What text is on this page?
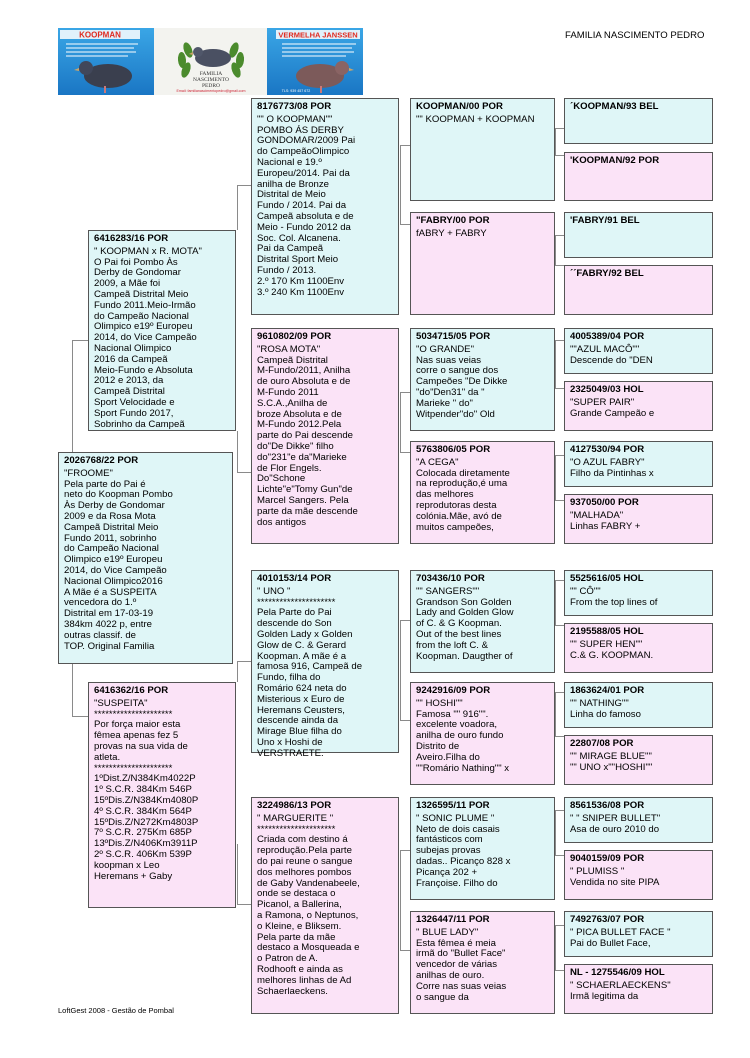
FAMILIA NASCIMENTO PEDRO
KOOPMAN	VERMELHA JANSSEN
FAMILIA
NASCIMENTO
PEDRO
Email: familianascimentopedro@gmail.com	TLS: 939 457 672
2026768/22 POR
"FROOME"
Pela parte do Pai é
neto do Koopman Pombo
Às Derby de Gondomar
2009 e da Rosa Mota
Campeã Distrital Meio
Fundo 2011, sobrinho
do Campeão Nacional
Olimpico e19º Europeu
2014, do Vice Campeão
Nacional Olimpico2016
A Mãe é a SUSPEITA
vencedora do 1.º
Distrital em 17-03-19
384km 4022 p, entre
outras classif. de
TOP. Original Familia
6416283/16 POR
" KOOPMAN x R. MOTA"
O Pai foi Pombo Às
Derby de Gondomar
2009, a Mãe foi
Campeã Distrital Meio
Fundo 2011.Meio-Irmão
do Campeão Nacional
Olimpico e19º Europeu
2014, do Vice Campeão
Nacional Olimpico
2016 da Campeã
Meio-Fundo e Absoluta
2012 e 2013, da
Campeã Distrital
Sport Velocidade e
Sport Fundo 2017,
Sobrinho da Campeã
6416362/16 POR
"SUSPEITA"
*********************
Por força maior esta
fêmea apenas fez 5
provas na sua vida de
atleta.
*********************
1ºDist.Z/N384Km4022P
1º S.C.R. 384Km 546P
15ºDis.Z/N384Km4080P
4º S.C.R. 384Km 564P
15ºDis.Z/N272Km4803P
7º S.C.R. 275Km 685P
13ºDis.Z/N406Km3911P
2º S.C.R. 406Km 539P
koopman x Leo
Heremans + Gaby
8176773/08 POR
"" O KOOPMAN""
POMBO ÁS DERBY
GONDOMAR/2009 Pai
do CampeãoOlimpico
Nacional e 19.º
Europeu/2014. Pai da
anilha de Bronze
Distrital de Meio
Fundo / 2014. Pai da
Campeã absoluta e de
Meio - Fundo 2012 da
Soc. Col. Alcanena.
Pai da Campeã
Distrital Sport Meio
Fundo / 2013.
2.º 170 Km 1100Env
3.º 240 Km 1100Env
9610802/09 POR
"ROSA MOTA"
Campeã Distrital
M-Fundo/2011, Anilha
de ouro Absoluta e de
M-Fundo 2011
S.C.A.,Anilha de
broze Absoluta e de
M-Fundo 2012.Pela
parte do Pai descende
do"De Dikke" filho
do"231"e da"Marieke
de Flor Engels.
Do"Schone
Lichte"e"Tomy Gun"de
Marcel Sangers. Pela
parte da mãe descende
dos antigos
4010153/14 POR
" UNO "
*********************
Pela Parte do Pai
descende do Son
Golden Lady x Golden
Glow de C. & Gerard
Koopman. A mãe é a
famosa 916, Campeã de
Fundo, filha do
Romário 624 neta do
Misterious x Euro de
Heremans Ceusters,
descende ainda da
Mirage Blue filha do
Uno x Hoshi de
VERSTRAETE.
3224986/13 POR
" MARGUERITE "
*********************
Criada com destino á
reprodução.Pela parte
do pai reune o sangue
dos melhores pombos
de Gaby Vandenabeele,
onde se destaca o
Picanol, a Ballerina,
a Ramona, o Neptunos,
o Kleine, e Bliksem.
Pela parte da mãe
destaco a Mosqueada e
o Patron de A.
Rodhooft e ainda as
melhores linhas de Ad
Schaerlaeckens.
KOOPMAN/00 POR
"" KOOPMAN + KOOPMAN
"FABRY/00 POR
fABRY + FABRY
5034715/05 POR
"O GRANDE"
Nas suas veias
corre o sangue dos
Campeões "De Dikke
"do"Den31" da "
Marieke " do"
Witpender"do" Old
5763806/05 POR
"A CEGA"
Colocada diretamente
na reprodução,é uma
das melhores
reprodutoras desta
colónia.Mãe, avó de
muitos campeões,
703436/10 POR
"" SANGERS""
Grandson Son Golden
Lady and Golden Glow
of C. & G Koopman.
Out of the best lines
from the loft C. &
Koopman. Daugther of
9242916/09 POR
"" HOSHI""
Famosa "" 916"".
excelente voadora,
anilha de ouro fundo
Distrito de
Aveiro.Filha do
""Romário Nathing"" x
1326595/11 POR
" SONIC PLUME "
Neto de dois casais
fantásticos com
subejas provas
dadas.. Picanço 828 x
Picança 202 +
Françoise. Filho do
1326447/11 POR
" BLUE LADY"
Esta fêmea é meia
irmã do "Bullet Face"
vencedor de várias
anilhas de ouro.
Corre nas suas veias
o sangue da
´KOOPMAN/93 BEL
'KOOPMAN/92 POR
'FABRY/91 BEL
´´FABRY/92 BEL
4005389/04 POR
""AZUL MACÔ""
Descende do "DEN
2325049/03 HOL
"SUPER PAIR"
Grande Campeão e
4127530/94 POR
"O AZUL FABRY"
Filho da Pintinhas x
937050/00 POR
"MALHADA"
Linhas FABRY +
5525616/05 HOL
"" CÔ""
From the top lines of
2195588/05 HOL
"" SUPER HEN""
C.& G. KOOPMAN.
1863624/01 POR
"" NATHING""
Linha do famoso
22807/08 POR
"" MIRAGE BLUE""
"" UNO x""HOSHI""
8561536/08 POR
" " SNIPER BULLET"
Asa de ouro 2010 do
9040159/09 POR
" PLUMISS "
Vendida no site PIPA
7492763/07 POR
" PICA BULLET FACE "
Pai do Bullet Face,
NL - 1275546/09 HOL
" SCHAERLAECKENS"
Irmã legitima da
LoftGest 2008 - Gestão de Pombal
